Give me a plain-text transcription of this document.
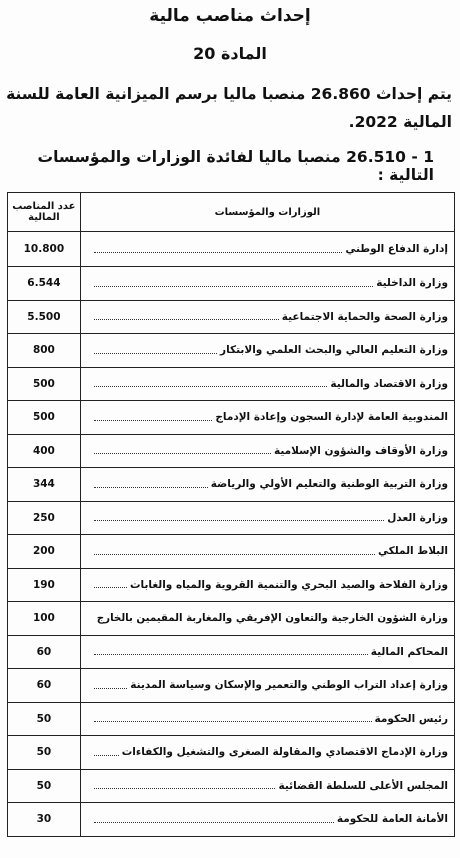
إحداث مناصب مالية
المادة 20
يتم إحداث 26.860 منصبا ماليا برسم الميزانية العامة للسنة المالية 2022.
1 - 26.510 منصبا ماليا لفائدة الوزارات والمؤسسات التالية :
الوزارات والمؤسسات	عدد المناصب المالية

إدارة الدفاع الوطني	10.800

وزارة الداخلية	6.544

وزارة الصحة والحماية الاجتماعية	5.500

وزارة التعليم العالي والبحث العلمي والابتكار	800

وزارة الاقتصاد والمالية	500

المندوبية العامة لإدارة السجون وإعادة الإدماج	500

وزارة الأوقاف والشؤون الإسلامية	400

وزارة التربية الوطنية والتعليم الأولي والرياضة	344

وزارة العدل	250

البلاط الملكي	200

وزارة الفلاحة والصيد البحري والتنمية القروية والمياه والغابات	190

وزارة الشؤون الخارجية والتعاون الإفريقي والمغاربة المقيمين بالخارج	100

المحاكم المالية	60

وزارة إعداد التراب الوطني والتعمير والإسكان وسياسة المدينة	60

رئيس الحكومة	50

وزارة الإدماج الاقتصادي والمقاولة الصغرى والتشغيل والكفاءات	50

المجلس الأعلى للسلطة القضائية	50

الأمانة العامة للحكومة	30
